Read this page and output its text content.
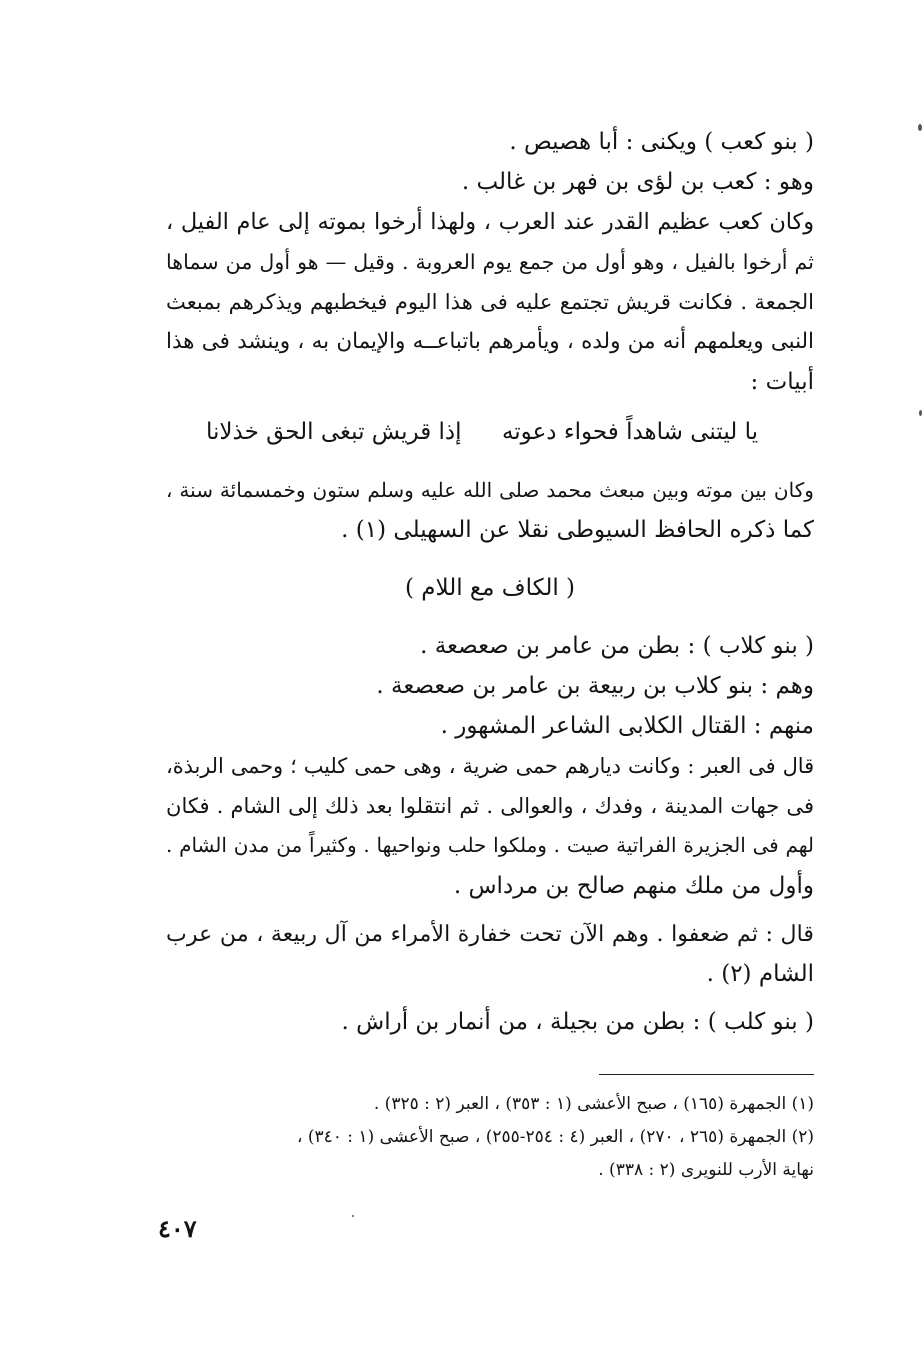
( بنو كعب ) ويكنى : أبا هصيص .
وهو : كعب بن لؤى بن فهر بن غالب .
وكان كعب عظيم القدر عند العرب ، ولهذا أرخوا بموته إلى عام الفيل ،
ثم أرخوا بالفيل ، وهو أول من جمع يوم العروبة . وقيل — هو أول من سماها
الجمعة . فكانت قريش تجتمع عليه فى هذا اليوم فيخطبهم ويذكرهم بمبعث
النبى ويعلمهم أنه من ولده ، ويأمرهم باتباعــه والإيمان به ، وينشد فى هذا
أبيات :
يا ليتنى شاهداً فحواء دعوته
إذا قريش تبغى الحق خذلانا
وكان بين موته وبين مبعث محمد صلى الله عليه وسلم ستون وخمسمائة سنة ،
كما ذكره الحافظ السيوطى نقلا عن السهيلى (١) .
( الكاف مع اللام )
( بنو كلاب ) : بطن من عامر بن صعصعة .
وهم : بنو كلاب بن ربيعة بن عامر بن صعصعة .
منهم : القتال الكلابى الشاعر المشهور .
قال فى العبر : وكانت ديارهم حمى ضرية ، وهى حمى كليب ؛ وحمى الربذة،
فى جهات المدينة ، وفدك ، والعوالى . ثم انتقلوا بعد ذلك إلى الشام . فكان
لهم فى الجزيرة الفراتية صيت . وملكوا حلب ونواحيها . وكثيراً من مدن الشام .
وأول من ملك منهم صالح بن مرداس .
قال : ثم ضعفوا . وهم الآن تحت خفارة الأمراء من آل ربيعة ، من عرب
الشام (٢) .
( بنو كلب ) : بطن من بجيلة ، من أنمار بن أراش .
(١) الجمهرة (١٦٥) ، صبح الأعشى (١ : ٣٥٣) ، العبر (٢ : ٣٢٥) .
(٢) الجمهرة (٢٦٥ ، ٢٧٠) ، العبر (٤ : ٢٥٤-٢٥٥) ، صبح الأعشى (١ : ٣٤٠) ،
نهاية الأرب للنويرى (٢ : ٣٣٨) .
٤٠٧
